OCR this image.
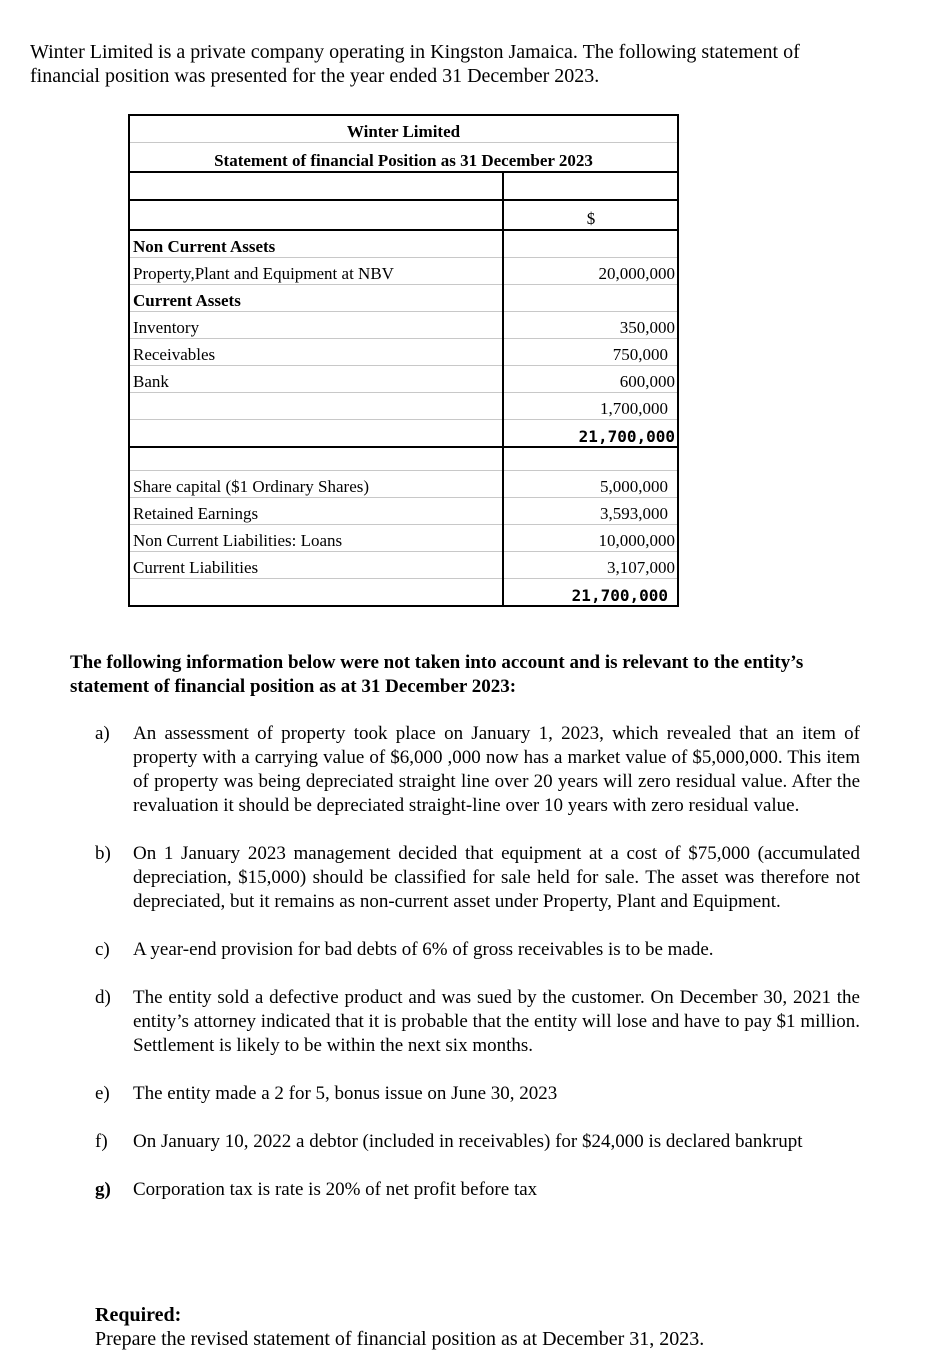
Winter Limited is a private company operating in Kingston Jamaica. The following statement of financial position was presented for the year ended 31 December 2023.
Winter Limited	
Statement of financial Position as 31 December 2023	

	$
Non Current Assets	
Property,Plant and Equipment at NBV	20,000,000
Current Assets	
Inventory	350,000
Receivables	750,000
Bank	600,000
	1,700,000
	21,700,000

Share capital ($1 Ordinary Shares)	5,000,000
Retained Earnings	3,593,000
Non Current Liabilities: Loans	10,000,000
Current Liabilities	3,107,000
	21,700,000
The following information below were not taken into account and is relevant to the entity’s statement of financial position as at 31 December 2023:
a) An assessment of property took place on January 1, 2023, which revealed that an item of property with a carrying value of $6,000 ,000 now has a market value of $5,000,000. This item of property was being depreciated straight line over 20 years will zero residual value. After the revaluation it should be depreciated straight-line over 10 years with zero residual value.
b) On 1 January 2023 management decided that equipment at a cost of $75,000 (accumulated depreciation, $15,000) should be classified for sale held for sale. The asset was therefore not depreciated, but it remains as non-current asset under Property, Plant and Equipment.
c) A year-end provision for bad debts of 6% of gross receivables is to be made.
d) The entity sold a defective product and was sued by the customer. On December 30, 2021 the entity’s attorney indicated that it is probable that the entity will lose and have to pay $1 million. Settlement is likely to be within the next six months.
e) The entity made a 2 for 5, bonus issue on June 30, 2023
f) On January 10, 2022 a debtor (included in receivables) for $24,000 is declared bankrupt
g) Corporation tax is rate is 20% of net profit before tax
Required:
Prepare the revised statement of financial position as at December 31, 2023.
